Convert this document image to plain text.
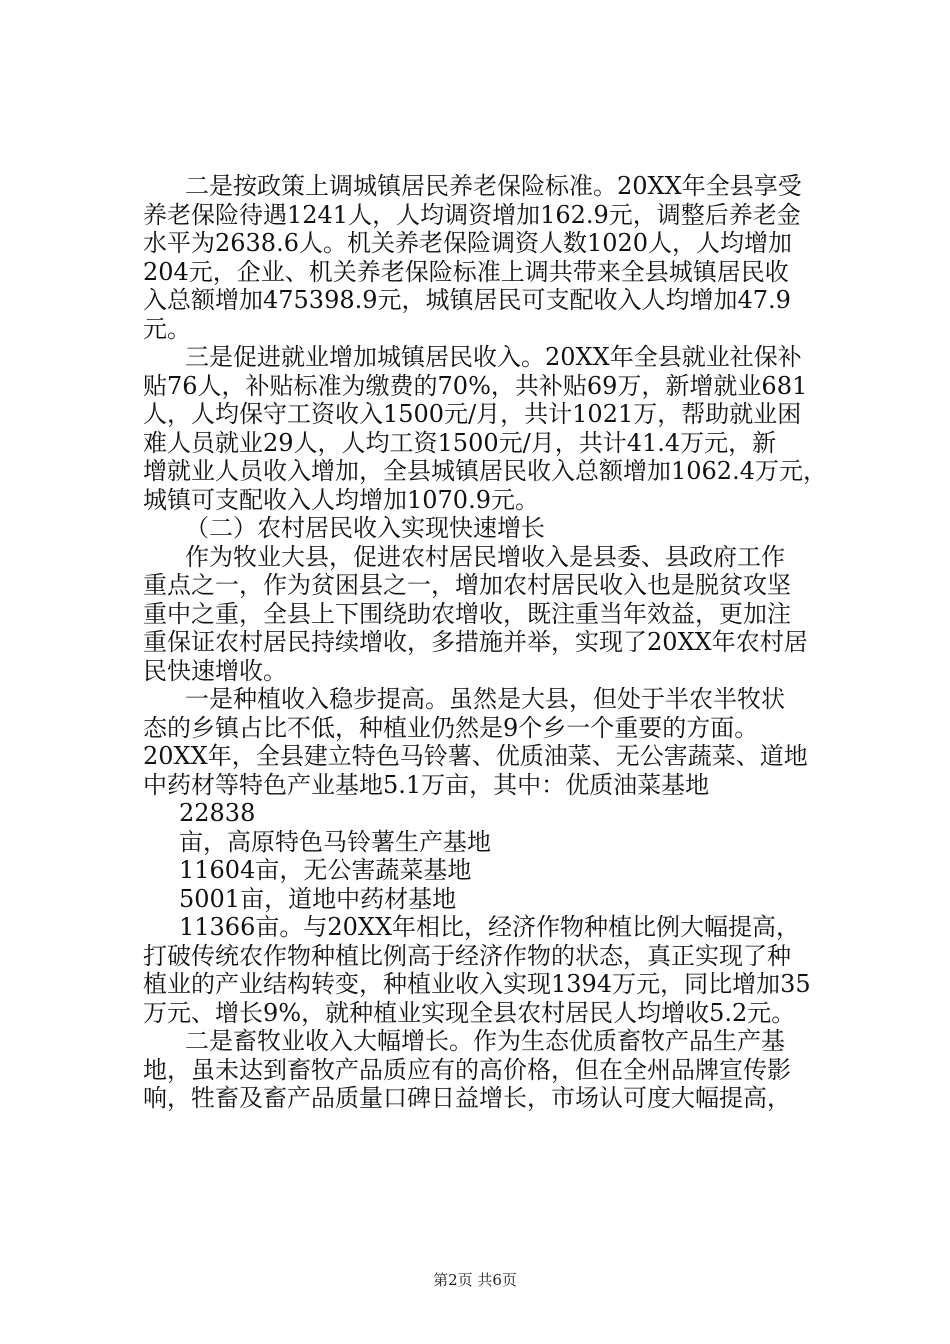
二是按政策上调城镇居民养老保险标准。20XX年全县享受
养老保险待遇1241人，人均调资增加162.9元，调整后养老金
水平为2638.6人。机关养老保险调资人数1020人，人均增加
204元，企业、机关养老保险标准上调共带来全县城镇居民收
入总额增加475398.9元，城镇居民可支配收入人均增加47.9
元。
三是促进就业增加城镇居民收入。20XX年全县就业社保补
贴76人，补贴标准为缴费的70%，共补贴69万，新增就业681
人，人均保守工资收入1500元/月，共计1021万，帮助就业困
难人员就业29人，人均工资1500元/月，共计41.4万元，新
增就业人员收入增加，全县城镇居民收入总额增加1062.4万元，
城镇可支配收入人均增加1070.9元。
（二）农村居民收入实现快速增长
作为牧业大县，促进农村居民增收入是县委、县政府工作
重点之一，作为贫困县之一，增加农村居民收入也是脱贫攻坚
重中之重，全县上下围绕助农增收，既注重当年效益，更加注
重保证农村居民持续增收，多措施并举，实现了20XX年农村居
民快速增收。
一是种植收入稳步提高。虽然是大县，但处于半农半牧状
态的乡镇占比不低，种植业仍然是9个乡一个重要的方面。
20XX年，全县建立特色马铃薯、优质油菜、无公害蔬菜、道地
中药材等特色产业基地5.1万亩，其中：优质油菜基地
22838
亩，高原特色马铃薯生产基地
11604亩，无公害蔬菜基地
5001亩，道地中药材基地
11366亩。与20XX年相比，经济作物种植比例大幅提高，
打破传统农作物种植比例高于经济作物的状态，真正实现了种
植业的产业结构转变，种植业收入实现1394万元，同比增加35
万元、增长9%，就种植业实现全县农村居民人均增收5.2元。
二是畜牧业收入大幅增长。作为生态优质畜牧产品生产基
地，虽未达到畜牧产品质应有的高价格，但在全州品牌宣传影
响，牲畜及畜产品质量口碑日益增长，市场认可度大幅提高，
第2页 共6页
